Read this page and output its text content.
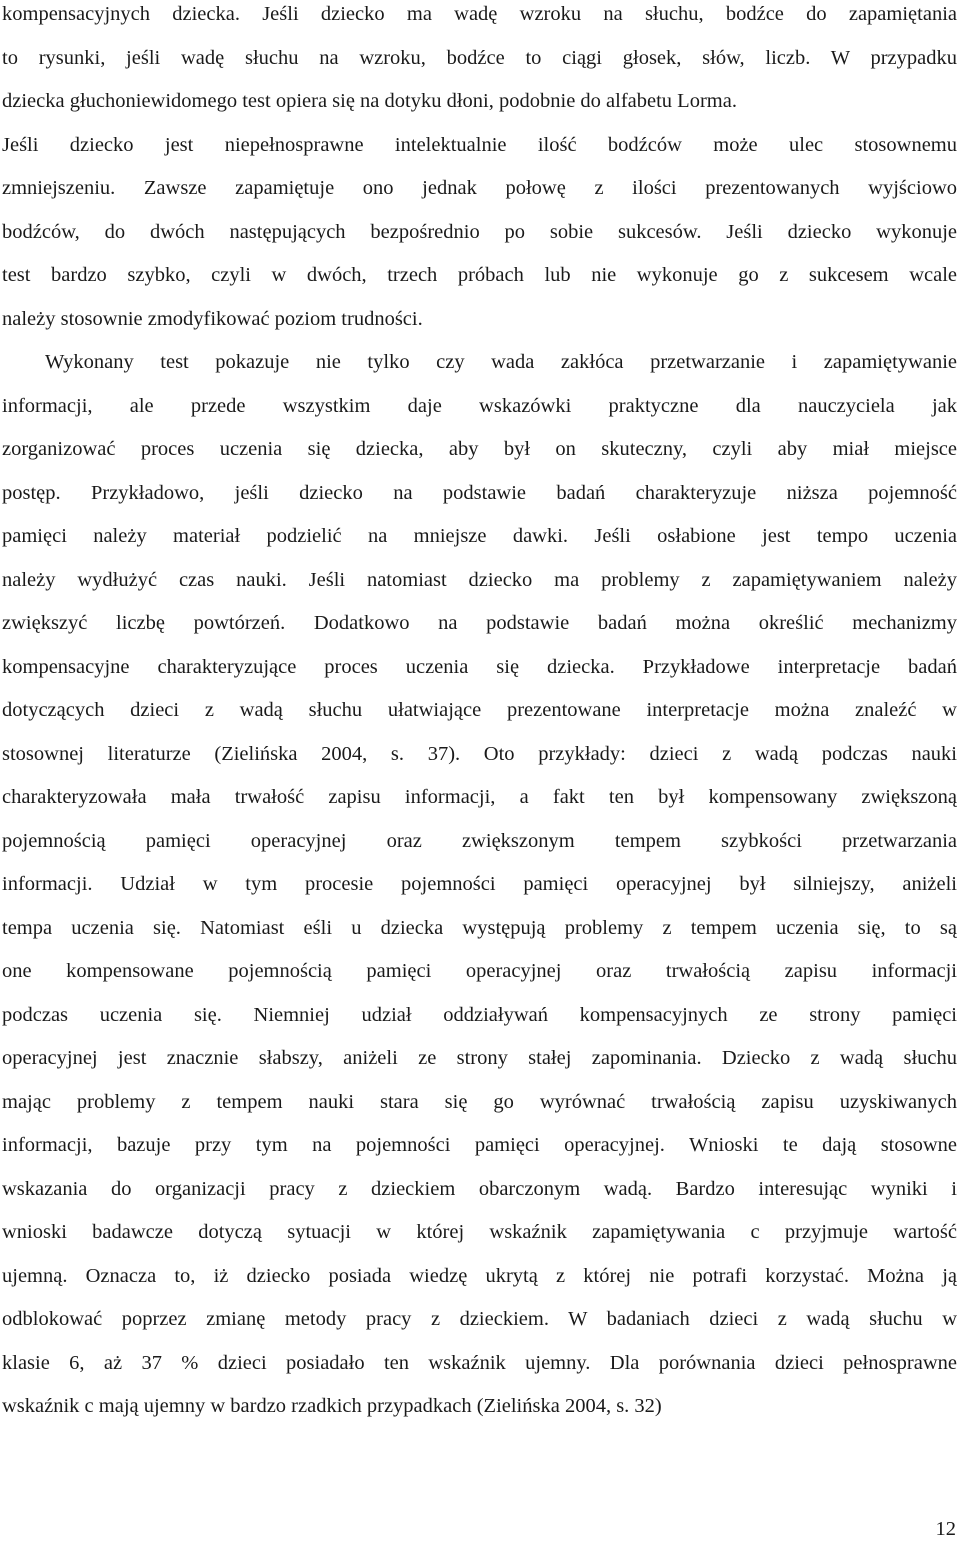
kompensacyjnych dziecka. Jeśli dziecko ma wadę wzroku na słuchu, bodźce do zapamiętania
to rysunki, jeśli wadę słuchu na wzroku, bodźce to ciągi głosek, słów, liczb. W przypadku
dziecka głuchoniewidomego test opiera się na dotyku dłoni, podobnie do alfabetu Lorma.
Jeśli dziecko jest niepełnosprawne intelektualnie ilość bodźców może ulec stosownemu
zmniejszeniu. Zawsze zapamiętuje ono jednak połowę z ilości prezentowanych wyjściowo
bodźców, do dwóch następujących bezpośrednio po sobie sukcesów. Jeśli dziecko wykonuje
test bardzo szybko, czyli w dwóch, trzech próbach lub nie wykonuje go z sukcesem wcale
należy stosownie zmodyfikować poziom trudności.
Wykonany test pokazuje nie tylko czy wada zakłóca przetwarzanie i zapamiętywanie
informacji, ale przede wszystkim daje wskazówki praktyczne dla nauczyciela jak
zorganizować proces uczenia się dziecka, aby był on skuteczny, czyli aby miał miejsce
postęp. Przykładowo, jeśli dziecko na podstawie badań charakteryzuje niższa pojemność
pamięci należy materiał podzielić na mniejsze dawki. Jeśli osłabione jest tempo uczenia
należy wydłużyć czas nauki. Jeśli natomiast dziecko ma problemy z zapamiętywaniem należy
zwiększyć liczbę powtórzeń. Dodatkowo na podstawie badań można określić mechanizmy
kompensacyjne charakteryzujące proces uczenia się dziecka. Przykładowe interpretacje badań
dotyczących dzieci z wadą słuchu ułatwiające prezentowane interpretacje można znaleźć w
stosownej literaturze (Zielińska 2004, s. 37). Oto przykłady: dzieci z wadą podczas nauki
charakteryzowała mała trwałość zapisu informacji, a fakt ten był kompensowany zwiększoną
pojemnością pamięci operacyjnej oraz zwiększonym tempem szybkości przetwarzania
informacji. Udział w tym procesie pojemności pamięci operacyjnej był silniejszy, aniżeli
tempa uczenia się. Natomiast eśli u dziecka występują problemy z tempem uczenia się, to są
one kompensowane pojemnością pamięci operacyjnej oraz trwałością zapisu informacji
podczas uczenia się. Niemniej udział oddziaływań kompensacyjnych ze strony pamięci
operacyjnej jest znacznie słabszy, aniżeli ze strony stałej zapominania. Dziecko z wadą słuchu
mając problemy z tempem nauki stara się go wyrównać trwałością zapisu uzyskiwanych
informacji, bazuje przy tym na pojemności pamięci operacyjnej. Wnioski te dają stosowne
wskazania do organizacji pracy z dzieckiem obarczonym wadą. Bardzo interesując wyniki i
wnioski badawcze dotyczą sytuacji w której wskaźnik zapamiętywania c przyjmuje wartość
ujemną. Oznacza to, iż dziecko posiada wiedzę ukrytą z której nie potrafi korzystać. Można ją
odblokować poprzez zmianę metody pracy z dzieckiem. W badaniach dzieci z wadą słuchu w
klasie 6, aż 37 % dzieci posiadało ten wskaźnik ujemny. Dla porównania dzieci pełnosprawne
wskaźnik c mają ujemny w bardzo rzadkich przypadkach (Zielińska 2004, s. 32)
12
